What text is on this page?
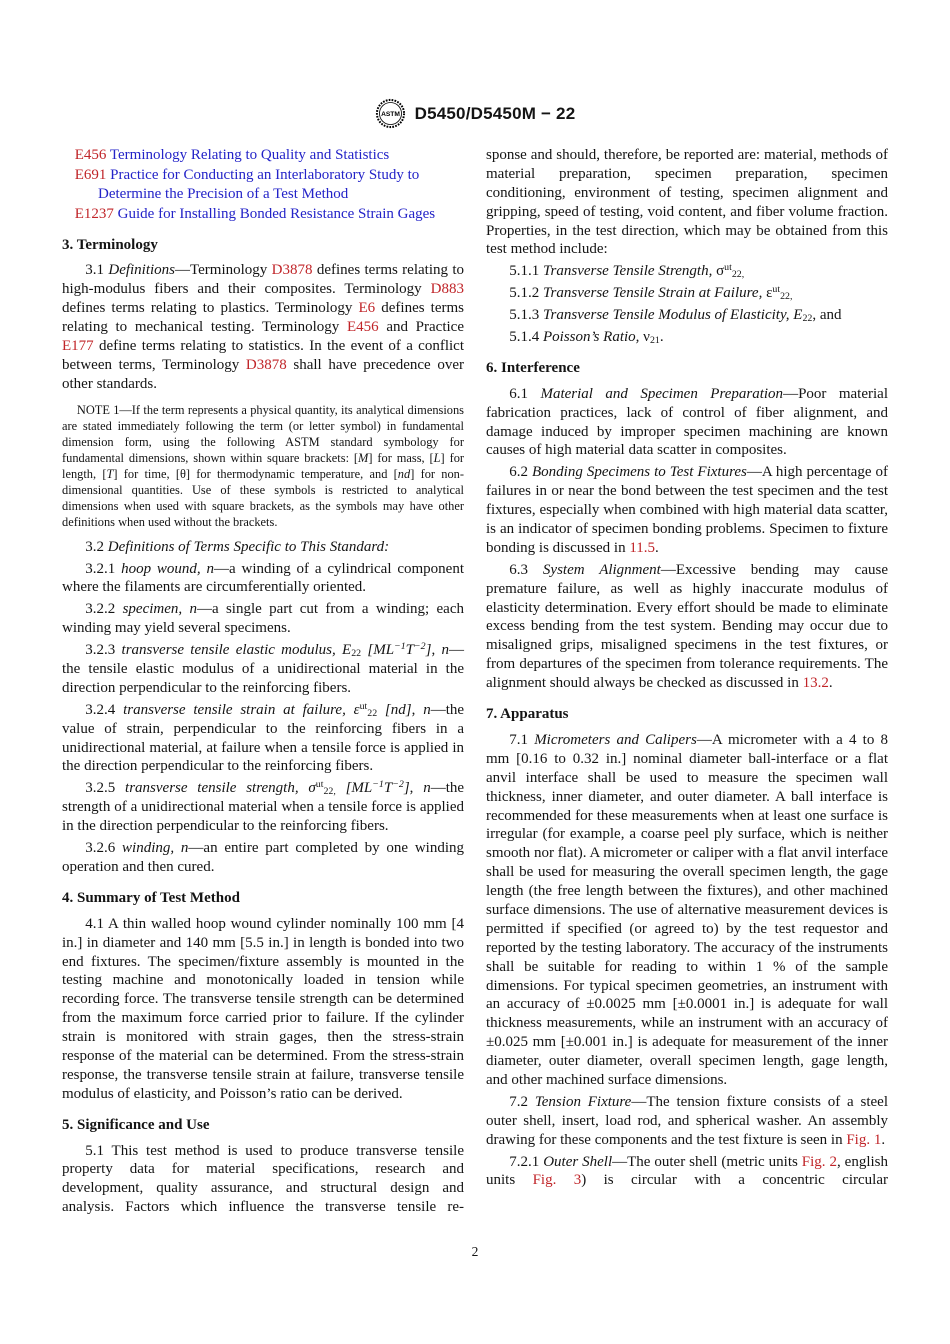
ASTM D5450/D5450M − 22
E456 Terminology Relating to Quality and Statistics
E691 Practice for Conducting an Interlaboratory Study to Determine the Precision of a Test Method
E1237 Guide for Installing Bonded Resistance Strain Gages
3. Terminology
3.1 Definitions—Terminology D3878 defines terms relating to high-modulus fibers and their composites. Terminology D883 defines terms relating to plastics. Terminology E6 defines terms relating to mechanical testing. Terminology E456 and Practice E177 define terms relating to statistics. In the event of a conflict between terms, Terminology D3878 shall have precedence over other standards.
NOTE 1—If the term represents a physical quantity, its analytical dimensions are stated immediately following the term (or letter symbol) in fundamental dimension form, using the following ASTM standard symbology for fundamental dimensions, shown within square brackets: [M] for mass, [L] for length, [T] for time, [θ] for thermodynamic temperature, and [nd] for non-dimensional quantities. Use of these symbols is restricted to analytical dimensions when used with square brackets, as the symbols may have other definitions when used without the brackets.
3.2 Definitions of Terms Specific to This Standard:
3.2.1 hoop wound, n—a winding of a cylindrical component where the filaments are circumferentially oriented.
3.2.2 specimen, n—a single part cut from a winding; each winding may yield several specimens.
3.2.3 transverse tensile elastic modulus, $E_{22}$ $[ML^{-1}T^{-2}]$, n—the tensile elastic modulus of a unidirectional material in the direction perpendicular to the reinforcing fibers.
3.2.4 transverse tensile strain at failure, $\varepsilon^{ut}_{22}$ [nd], n—the value of strain, perpendicular to the reinforcing fibers in a unidirectional material, at failure when a tensile force is applied in the direction perpendicular to the reinforcing fibers.
3.2.5 transverse tensile strength, $\sigma^{ut}_{22,}$ $[ML^{-1}T^{-2}]$, n—the strength of a unidirectional material when a tensile force is applied in the direction perpendicular to the reinforcing fibers.
3.2.6 winding, n—an entire part completed by one winding operation and then cured.
4. Summary of Test Method
4.1 A thin walled hoop wound cylinder nominally 100 mm [4 in.] in diameter and 140 mm [5.5 in.] in length is bonded into two end fixtures. The specimen/fixture assembly is mounted in the testing machine and monotonically loaded in tension while recording force. The transverse tensile strength can be determined from the maximum force carried prior to failure. If the cylinder strain is monitored with strain gages, then the stress-strain response of the material can be determined. From the stress-strain response, the transverse tensile strain at failure, transverse tensile modulus of elasticity, and Poisson’s ratio can be derived.
5. Significance and Use
5.1 This test method is used to produce transverse tensile property data for material specifications, research and development, quality assurance, and structural design and analysis. Factors which influence the transverse tensile re-
sponse and should, therefore, be reported are: material, methods of material preparation, specimen preparation, specimen conditioning, environment of testing, specimen alignment and gripping, speed of testing, void content, and fiber volume fraction. Properties, in the test direction, which may be obtained from this test method include:
5.1.1 Transverse Tensile Strength, $\sigma^{ut}_{22,}$
5.1.2 Transverse Tensile Strain at Failure, $\varepsilon^{ut}_{22,}$
5.1.3 Transverse Tensile Modulus of Elasticity, $E_{22}$, and
5.1.4 Poisson’s Ratio, $\nu_{21}$.
6. Interference
6.1 Material and Specimen Preparation—Poor material fabrication practices, lack of control of fiber alignment, and damage induced by improper specimen machining are known causes of high material data scatter in composites.
6.2 Bonding Specimens to Test Fixtures—A high percentage of failures in or near the bond between the test specimen and the test fixtures, especially when combined with high material data scatter, is an indicator of specimen bonding problems. Specimen to fixture bonding is discussed in 11.5.
6.3 System Alignment—Excessive bending may cause premature failure, as well as highly inaccurate modulus of elasticity determination. Every effort should be made to eliminate excess bending from the test system. Bending may occur due to misaligned grips, misaligned specimens in the test fixtures, or from departures of the specimen from tolerance requirements. The alignment should always be checked as discussed in 13.2.
7. Apparatus
7.1 Micrometers and Calipers—A micrometer with a 4 to 8 mm [0.16 to 0.32 in.] nominal diameter ball-interface or a flat anvil interface shall be used to measure the specimen wall thickness, inner diameter, and outer diameter. A ball interface is recommended for these measurements when at least one surface is irregular (for example, a coarse peel ply surface, which is neither smooth nor flat). A micrometer or caliper with a flat anvil interface shall be used for measuring the overall specimen length, the gage length (the free length between the fixtures), and other machined surface dimensions. The use of alternative measurement devices is permitted if specified (or agreed to) by the test requestor and reported by the testing laboratory. The accuracy of the instruments shall be suitable for reading to within 1 % of the sample dimensions. For typical specimen geometries, an instrument with an accuracy of ±0.0025 mm [±0.0001 in.] is adequate for wall thickness measurements, while an instrument with an accuracy of ±0.025 mm [±0.001 in.] is adequate for measurement of the inner diameter, outer diameter, overall specimen length, gage length, and other machined surface dimensions.
7.2 Tension Fixture—The tension fixture consists of a steel outer shell, insert, load rod, and spherical washer. An assembly drawing for these components and the test fixture is seen in Fig. 1.
7.2.1 Outer Shell—The outer shell (metric units Fig. 2, english units Fig. 3) is circular with a concentric circular
2
